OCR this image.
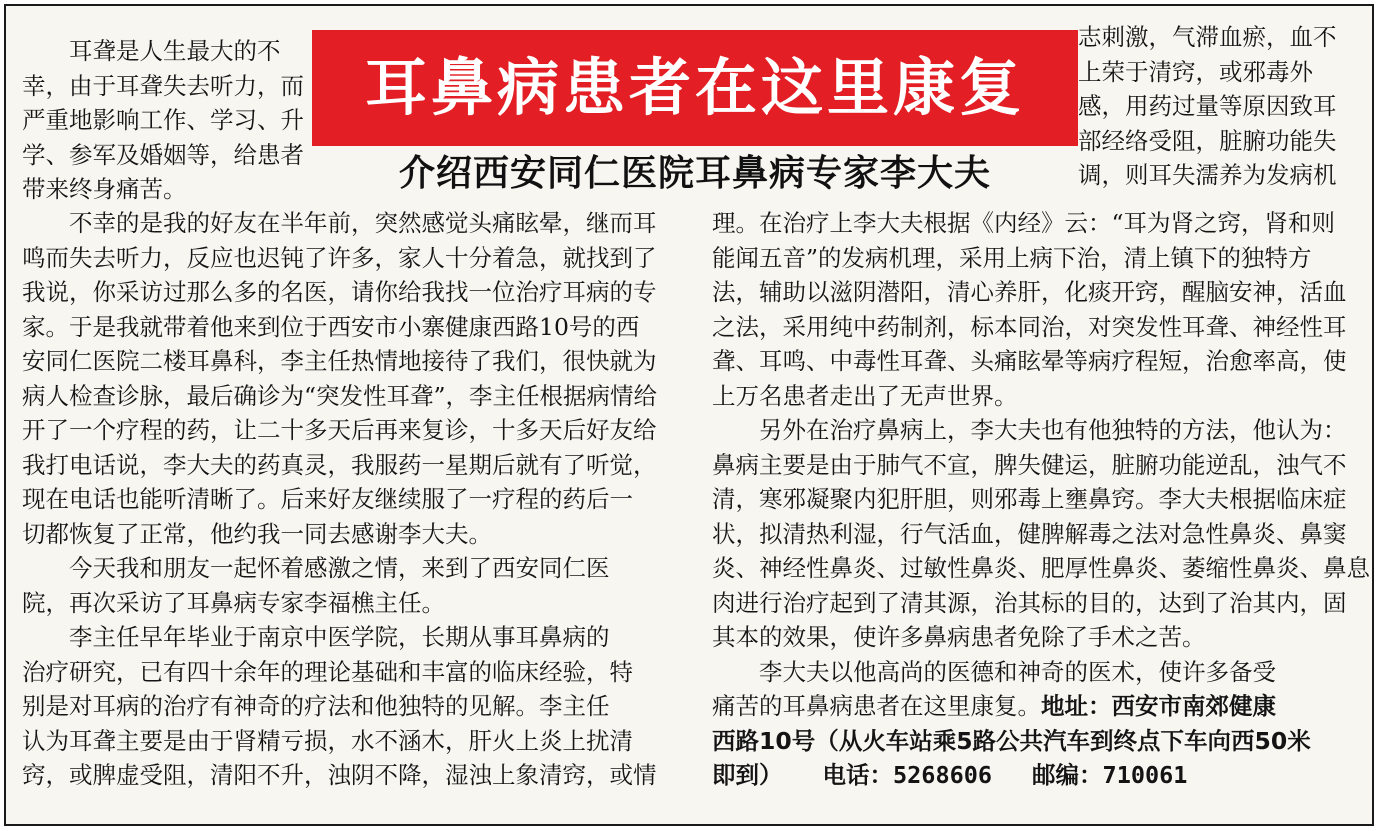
耳鼻病患者在这里康复
介绍西安同仁医院耳鼻病专家李大夫
　　耳聋是人生最大的不
幸，由于耳聋失去听力，而
严重地影响工作、学习、升
学、参军及婚姻等，给患者
带来终身痛苦。
志刺激，气滞血瘀，血不
上荣于清窍，或邪毒外
感，用药过量等原因致耳
部经络受阻，脏腑功能失
调，则耳失濡养为发病机
　　不幸的是我的好友在半年前，突然感觉头痛眩晕，继而耳
鸣而失去听力，反应也迟钝了许多，家人十分着急，就找到了
我说，你采访过那么多的名医，请你给我找一位治疗耳病的专
家。于是我就带着他来到位于西安市小寨健康西路10号的西
安同仁医院二楼耳鼻科，李主任热情地接待了我们，很快就为
病人检查诊脉，最后确诊为“突发性耳聋”，李主任根据病情给
开了一个疗程的药，让二十多天后再来复诊，十多天后好友给
我打电话说，李大夫的药真灵，我服药一星期后就有了听觉，
现在电话也能听清晰了。后来好友继续服了一疗程的药后一
切都恢复了正常，他约我一同去感谢李大夫。
　　今天我和朋友一起怀着感激之情，来到了西安同仁医
院，再次采访了耳鼻病专家李福樵主任。
　　李主任早年毕业于南京中医学院，长期从事耳鼻病的
治疗研究，已有四十余年的理论基础和丰富的临床经验，特
别是对耳病的治疗有神奇的疗法和他独特的见解。李主任
认为耳聋主要是由于肾精亏损，水不涵木，肝火上炎上扰清
窍，或脾虚受阻，清阳不升，浊阴不降，湿浊上象清窍，或情
理。在治疗上李大夫根据《内经》云：“耳为肾之窍，肾和则
能闻五音”的发病机理，采用上病下治，清上镇下的独特方
法，辅助以滋阴潜阳，清心养肝，化痰开窍，醒脑安神，活血
之法，采用纯中药制剂，标本同治，对突发性耳聋、神经性耳
聋、耳鸣、中毒性耳聋、头痛眩晕等病疗程短，治愈率高，使
上万名患者走出了无声世界。
　　另外在治疗鼻病上，李大夫也有他独特的方法，他认为：
鼻病主要是由于肺气不宣，脾失健运，脏腑功能逆乱，浊气不
清，寒邪凝聚内犯肝胆，则邪毒上壅鼻窍。李大夫根据临床症
状，拟清热利湿，行气活血，健脾解毒之法对急性鼻炎、鼻窦
炎、神经性鼻炎、过敏性鼻炎、肥厚性鼻炎、萎缩性鼻炎、鼻息
肉进行治疗起到了清其源，治其标的目的，达到了治其内，固
其本的效果，使许多鼻病患者免除了手术之苦。
　　李大夫以他高尚的医德和神奇的医术，使许多备受
痛苦的耳鼻病患者在这里康复。地址：西安市南郊健康
西路10号（从火车站乘5路公共汽车到终点下车向西50米
即到） 电话：5268606 邮编：710061
